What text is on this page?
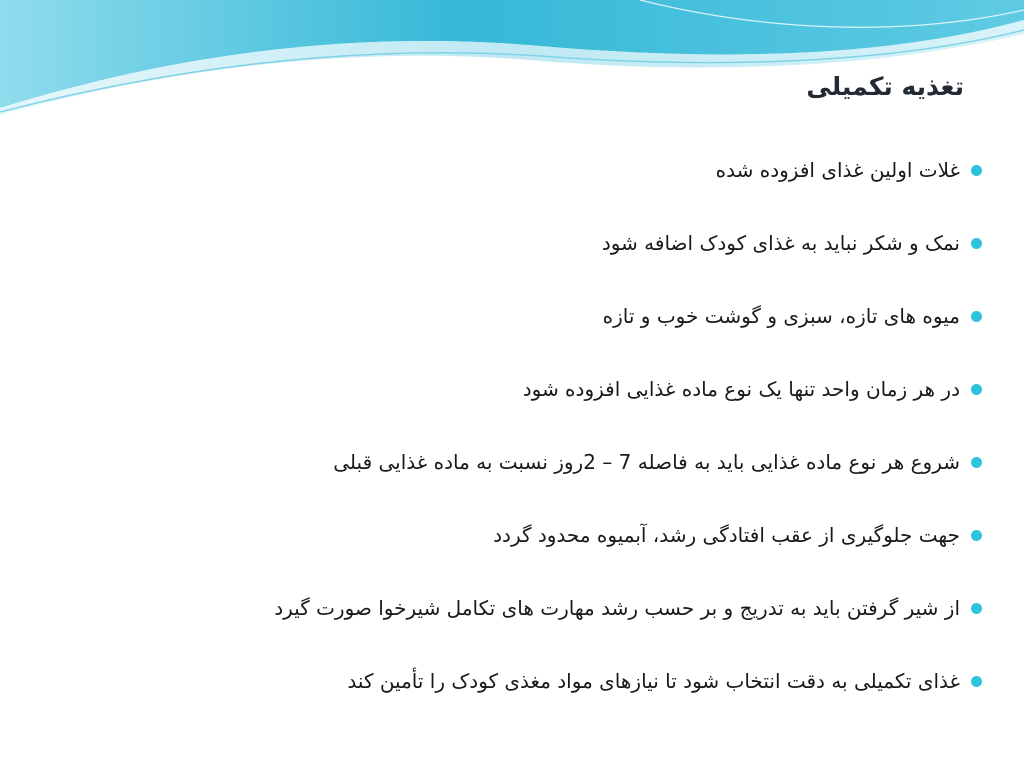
تغذیه تکمیلی
غلات اولین غذای افزوده شده
نمک و شکر نباید به غذای کودک اضافه شود
میوه های تازه، سبزی و گوشت خوب و تازه
در هر زمان واحد تنها یک نوع ماده غذایی افزوده شود
شروع هر نوع ماده غذایی باید به فاصله 7 – 2روز نسبت به ماده غذایی قبلی
جهت جلوگیری از عقب افتادگی رشد، آبمیوه محدود گردد
از شیر گرفتن باید به تدریج و بر حسب رشد مهارت های تکامل شیرخوا صورت گیرد
غذای تکمیلی به دقت انتخاب شود تا نیازهای مواد مغذی کودک را تأمین کند
